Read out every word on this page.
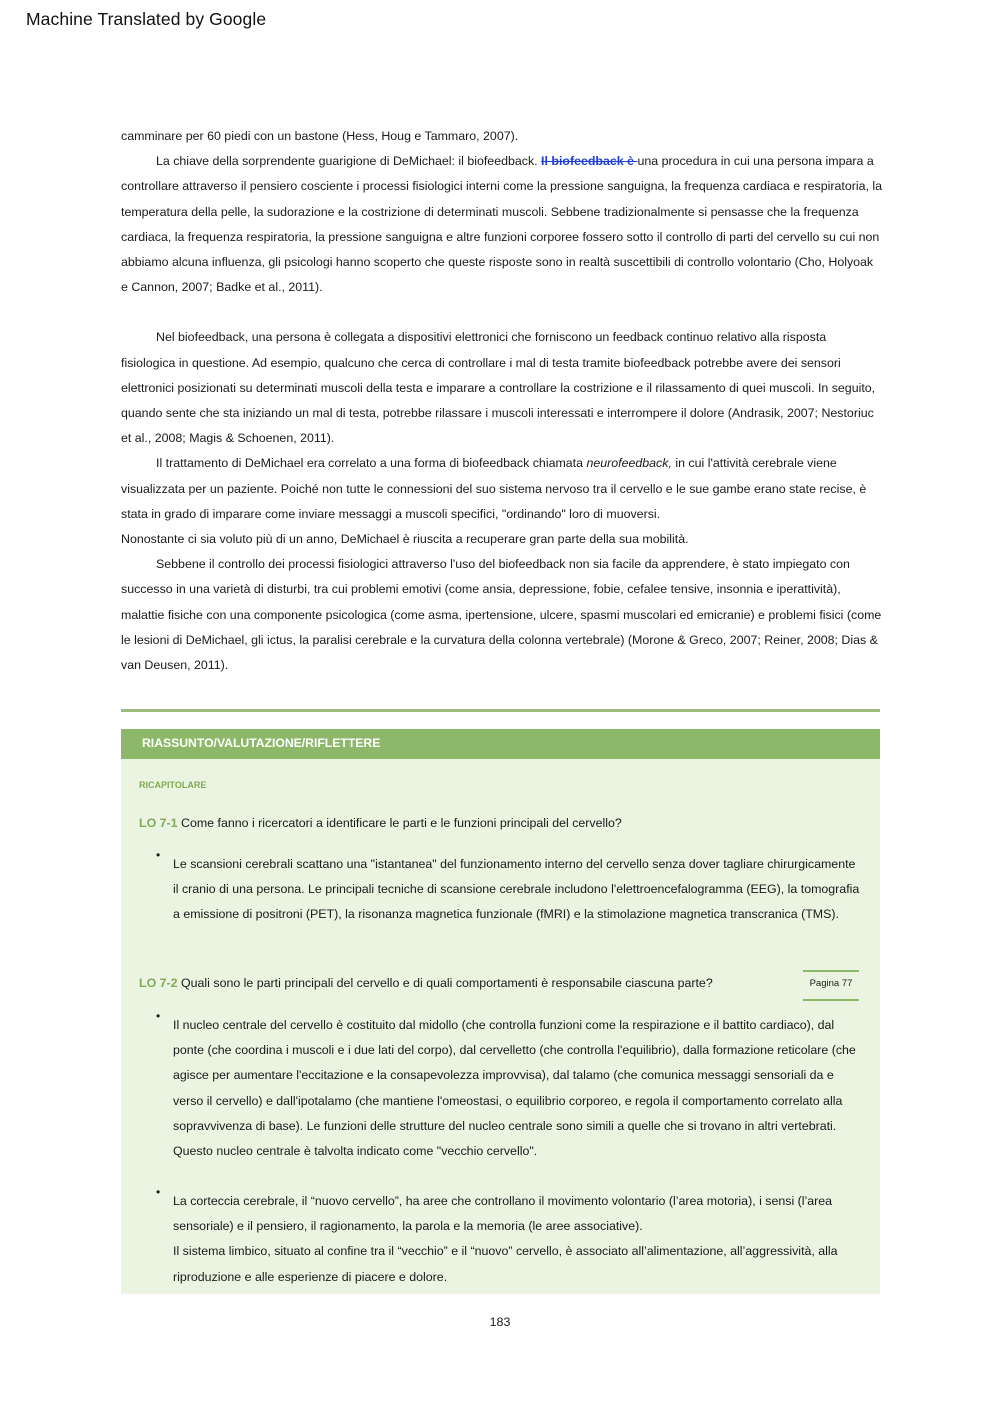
Machine Translated by Google

camminare per 60 piedi con un bastone (Hess, Houg e Tammaro, 2007).

La chiave della sorprendente guarigione di DeMichael: il biofeedback. Il biofeedback è una procedura in cui una persona impara a controllare attraverso il pensiero cosciente i processi fisiologici interni come la pressione sanguigna, la frequenza cardiaca e respiratoria, la temperatura della pelle, la sudorazione e la costrizione di determinati muscoli. Sebbene tradizionalmente si pensasse che la frequenza cardiaca, la frequenza respiratoria, la pressione sanguigna e altre funzioni corporee fossero sotto il controllo di parti del cervello su cui non abbiamo alcuna influenza, gli psicologi hanno scoperto che queste risposte sono in realtà suscettibili di controllo volontario (Cho, Holyoak e Cannon, 2007; Badke et al., 2011).

Nel biofeedback, una persona è collegata a dispositivi elettronici che forniscono un feedback continuo relativo alla risposta fisiologica in questione. Ad esempio, qualcuno che cerca di controllare i mal di testa tramite biofeedback potrebbe avere dei sensori elettronici posizionati su determinati muscoli della testa e imparare a controllare la costrizione e il rilassamento di quei muscoli. In seguito, quando sente che sta iniziando un mal di testa, potrebbe rilassare i muscoli interessati e interrompere il dolore (Andrasik, 2007; Nestoriuc et al., 2008; Magis & Schoenen, 2011).

Il trattamento di DeMichael era correlato a una forma di biofeedback chiamata neurofeedback, in cui l'attività cerebrale viene visualizzata per un paziente. Poiché non tutte le connessioni del suo sistema nervoso tra il cervello e le sue gambe erano state recise, è stata in grado di imparare come inviare messaggi a muscoli specifici, "ordinando" loro di muoversi.

Nonostante ci sia voluto più di un anno, DeMichael è riuscita a recuperare gran parte della sua mobilità.

Sebbene il controllo dei processi fisiologici attraverso l'uso del biofeedback non sia facile da apprendere, è stato impiegato con successo in una varietà di disturbi, tra cui problemi emotivi (come ansia, depressione, fobie, cefalee tensive, insonnia e iperattività), malattie fisiche con una componente psicologica (come asma, ipertensione, ulcere, spasmi muscolari ed emicranie) e problemi fisici (come le lesioni di DeMichael, gli ictus, la paralisi cerebrale e la curvatura della colonna vertebrale) (Morone & Greco, 2007; Reiner, 2008; Dias & van Deusen, 2011).

RIASSUNTO/VALUTAZIONE/RIFLETTERE
RICAPITOLARE
LO 7-1 Come fanno i ricercatori a identificare le parti e le funzioni principali del cervello?
•
Le scansioni cerebrali scattano una "istantanea" del funzionamento interno del cervello senza dover tagliare chirurgicamente il cranio di una persona. Le principali tecniche di scansione cerebrale includono l'elettroencefalogramma (EEG), la tomografia a emissione di positroni (PET), la risonanza magnetica funzionale (fMRI) e la stimolazione magnetica transcranica (TMS).
LO 7-2 Quali sono le parti principali del cervello e di quali comportamenti è responsabile ciascuna parte?	Pagina 77
•
Il nucleo centrale del cervello è costituito dal midollo (che controlla funzioni come la respirazione e il battito cardiaco), dal ponte (che coordina i muscoli e i due lati del corpo), dal cervelletto (che controlla l'equilibrio), dalla formazione reticolare (che agisce per aumentare l'eccitazione e la consapevolezza improvvisa), dal talamo (che comunica messaggi sensoriali da e verso il cervello) e dall'ipotalamo (che mantiene l'omeostasi, o equilibrio corporeo, e regola il comportamento correlato alla sopravvivenza di base). Le funzioni delle strutture del nucleo centrale sono simili a quelle che si trovano in altri vertebrati. Questo nucleo centrale è talvolta indicato come "vecchio cervello".
•
La corteccia cerebrale, il “nuovo cervello”, ha aree che controllano il movimento volontario (l’area motoria), i sensi (l’area sensoriale) e il pensiero, il ragionamento, la parola e la memoria (le aree associative).
Il sistema limbico, situato al confine tra il “vecchio” e il “nuovo” cervello, è associato all’alimentazione, all’aggressività, alla riproduzione e alle esperienze di piacere e dolore.
183
